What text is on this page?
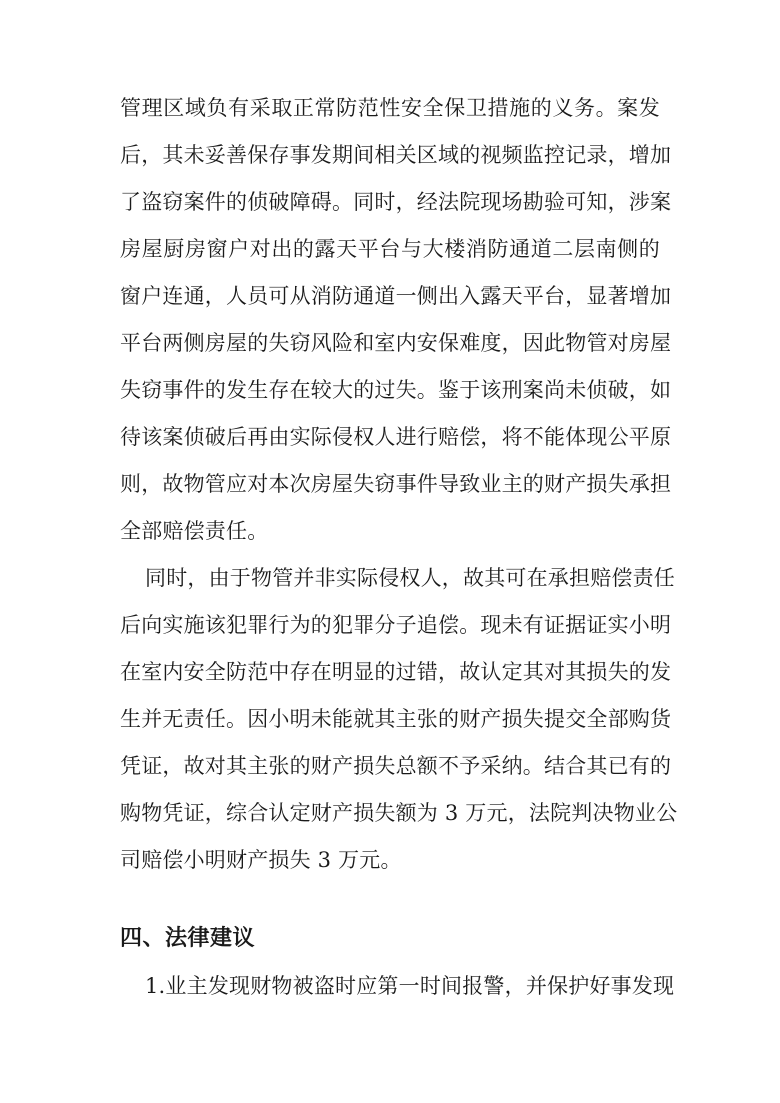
管理区域负有采取正常防范性安全保卫措施的义务。案发

后，其未妥善保存事发期间相关区域的视频监控记录，增加

了盗窃案件的侦破障碍。同时，经法院现场勘验可知，涉案

房屋厨房窗户对出的露天平台与大楼消防通道二层南侧的

窗户连通，人员可从消防通道一侧出入露天平台，显著增加

平台两侧房屋的失窃风险和室内安保难度，因此物管对房屋

失窃事件的发生存在较大的过失。鉴于该刑案尚未侦破，如

待该案侦破后再由实际侵权人进行赔偿，将不能体现公平原

则，故物管应对本次房屋失窃事件导致业主的财产损失承担

全部赔偿责任。

同时，由于物管并非实际侵权人，故其可在承担赔偿责任

后向实施该犯罪行为的犯罪分子追偿。现未有证据证实小明

在室内安全防范中存在明显的过错，故认定其对其损失的发

生并无责任。因小明未能就其主张的财产损失提交全部购货

凭证，故对其主张的财产损失总额不予采纳。结合其已有的

购物凭证，综合认定财产损失额为 3 万元，法院判决物业公

司赔偿小明财产损失 3 万元。

四、法律建议

1.业主发现财物被盗时应第一时间报警，并保护好事发现
